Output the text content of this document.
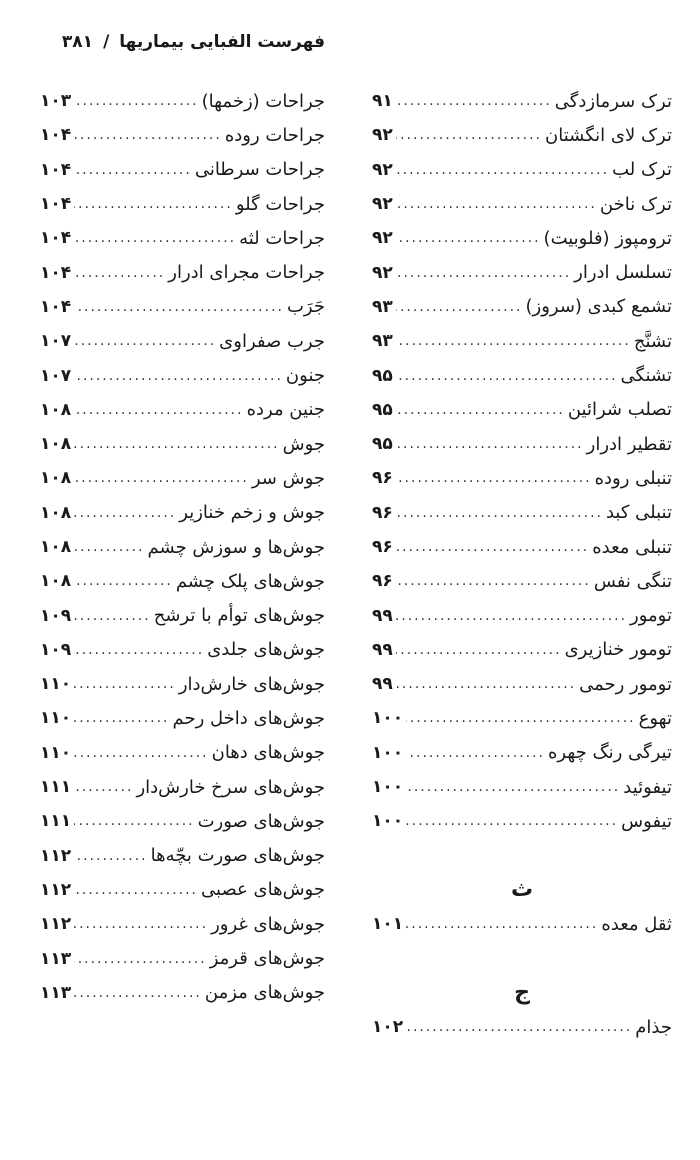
فهرست الفبایی بیماریها
/
۳۸۱
جراحات (زخمها)
.....
۱۰۳
جراحات روده
.....
۱۰۴
جراحات سرطانی
.....
۱۰۴
جراحات گلو
.....
۱۰۴
جراحات لثه
.....
۱۰۴
جراحات مجرای ادرار
.....
۱۰۴
جَرَب
.....
۱۰۴
جرب صفراوی
.....
۱۰۷
جنون
.....
۱۰۷
جنین مرده
.....
۱۰۸
جوش
.....
۱۰۸
جوش سر
.....
۱۰۸
جوش و زخم خنازیر
.....
۱۰۸
جوش‌ها و سوزش چشم
.....
۱۰۸
جوش‌های پلک چشم
.....
۱۰۸
جوش‌های توأم با ترشح
.....
۱۰۹
جوش‌های جلدی
.....
۱۰۹
جوش‌های خارش‌دار
.....
۱۱۰
جوش‌های داخل رحم
.....
۱۱۰
جوش‌های دهان
.....
۱۱۰
جوش‌های سرخ خارش‌دار
.....
۱۱۱
جوش‌های صورت
.....
۱۱۱
جوش‌های صورت بچّه‌ها
.....
۱۱۲
جوش‌های عصبی
.....
۱۱۲
جوش‌های غرور
.....
۱۱۲
جوش‌های قرمز
.....
۱۱۳
جوش‌های مزمن
.....
۱۱۳
ترک سرمازدگی
.....
۹۱
ترک لای انگشتان
.....
۹۲
ترک لب
.....
۹۲
ترک ناخن
.....
۹۲
ترومپوز (فلوبیت)
.....
۹۲
تسلسل ادرار
.....
۹۲
تشمع کبدی (سروز)
.....
۹۳
تشنَّج
.....
۹۳
تشنگی
.....
۹۵
تصلب شرائین
.....
۹۵
تقطیر ادرار
.....
۹۵
تنبلی روده
.....
۹۶
تنبلی کبد
.....
۹۶
تنبلی معده
.....
۹۶
تنگی نفس
.....
۹۶
تومور
.....
۹۹
تومور خنازیری
.....
۹۹
تومور رحمی
.....
۹۹
تهوع
.....
۱۰۰
تیرگی رنگ چهره
.....
۱۰۰
تیفوئید
.....
۱۰۰
تیفوس
.....
۱۰۰
ث
ثقل معده
.....
۱۰۱
ج
جذام
.....
۱۰۲
